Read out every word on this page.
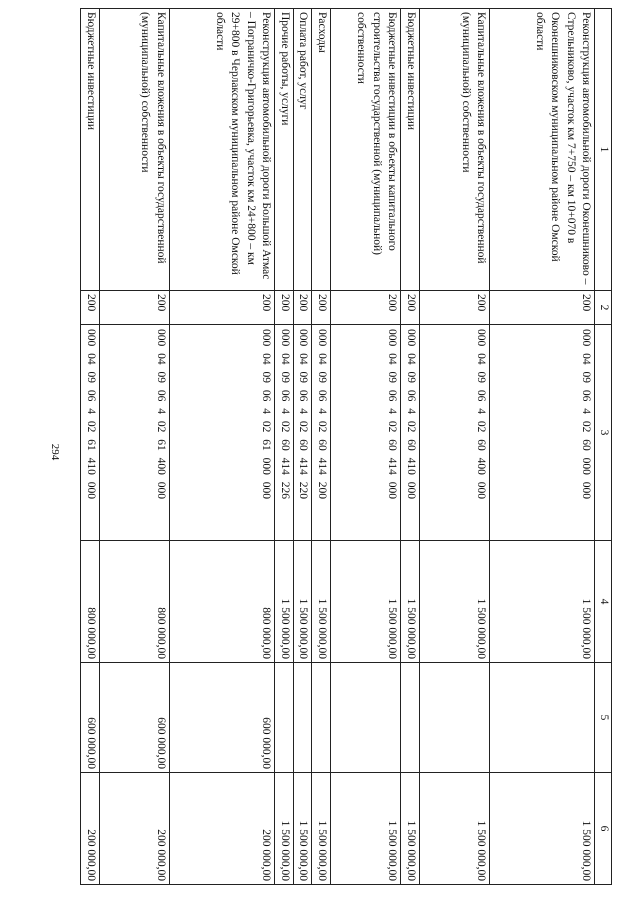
294
1	2	3	4	5	6
Реконструкция автомобильной дороги Оконешниково – Стрельниково, участок км 7+750 – км 10+070 в Оконешниковском муниципальном районе Омской области	200	000 04 09 06 4 02 60 000 000	1 500 000,00		1 500 000,00
Капитальные вложения в объекты государственной (муниципальной) собственности	200	000 04 09 06 4 02 60 400 000	1 500 000,00		1 500 000,00
Бюджетные инвестиции	200	000 04 09 06 4 02 60 410 000	1 500 000,00		1 500 000,00
Бюджетные инвестиции в объекты капитального строительства государственной (муниципальной) собственности	200	000 04 09 06 4 02 60 414 000	1 500 000,00		1 500 000,00
Расходы	200	000 04 09 06 4 02 60 414 200	1 500 000,00		1 500 000,00
Оплата работ, услуг	200	000 04 09 06 4 02 60 414 220	1 500 000,00		1 500 000,00
Прочие работы, услуги	200	000 04 09 06 4 02 60 414 226	1 500 000,00		1 500 000,00
Реконструкция автомобильной дороги Большой Атмас – Пограничко-Григорьевка, участок км 24+800 – км 29+800 в Черлакском муниципальном районе Омской области	200	000 04 09 06 4 02 61 000 000	800 000,00	600 000,00	200 000,00
Капитальные вложения в объекты государственной (муниципальной) собственности	200	000 04 09 06 4 02 61 400 000	800 000,00	600 000,00	200 000,00
Бюджетные инвестиции	200	000 04 09 06 4 02 61 410 000	800 000,00	600 000,00	200 000,00
